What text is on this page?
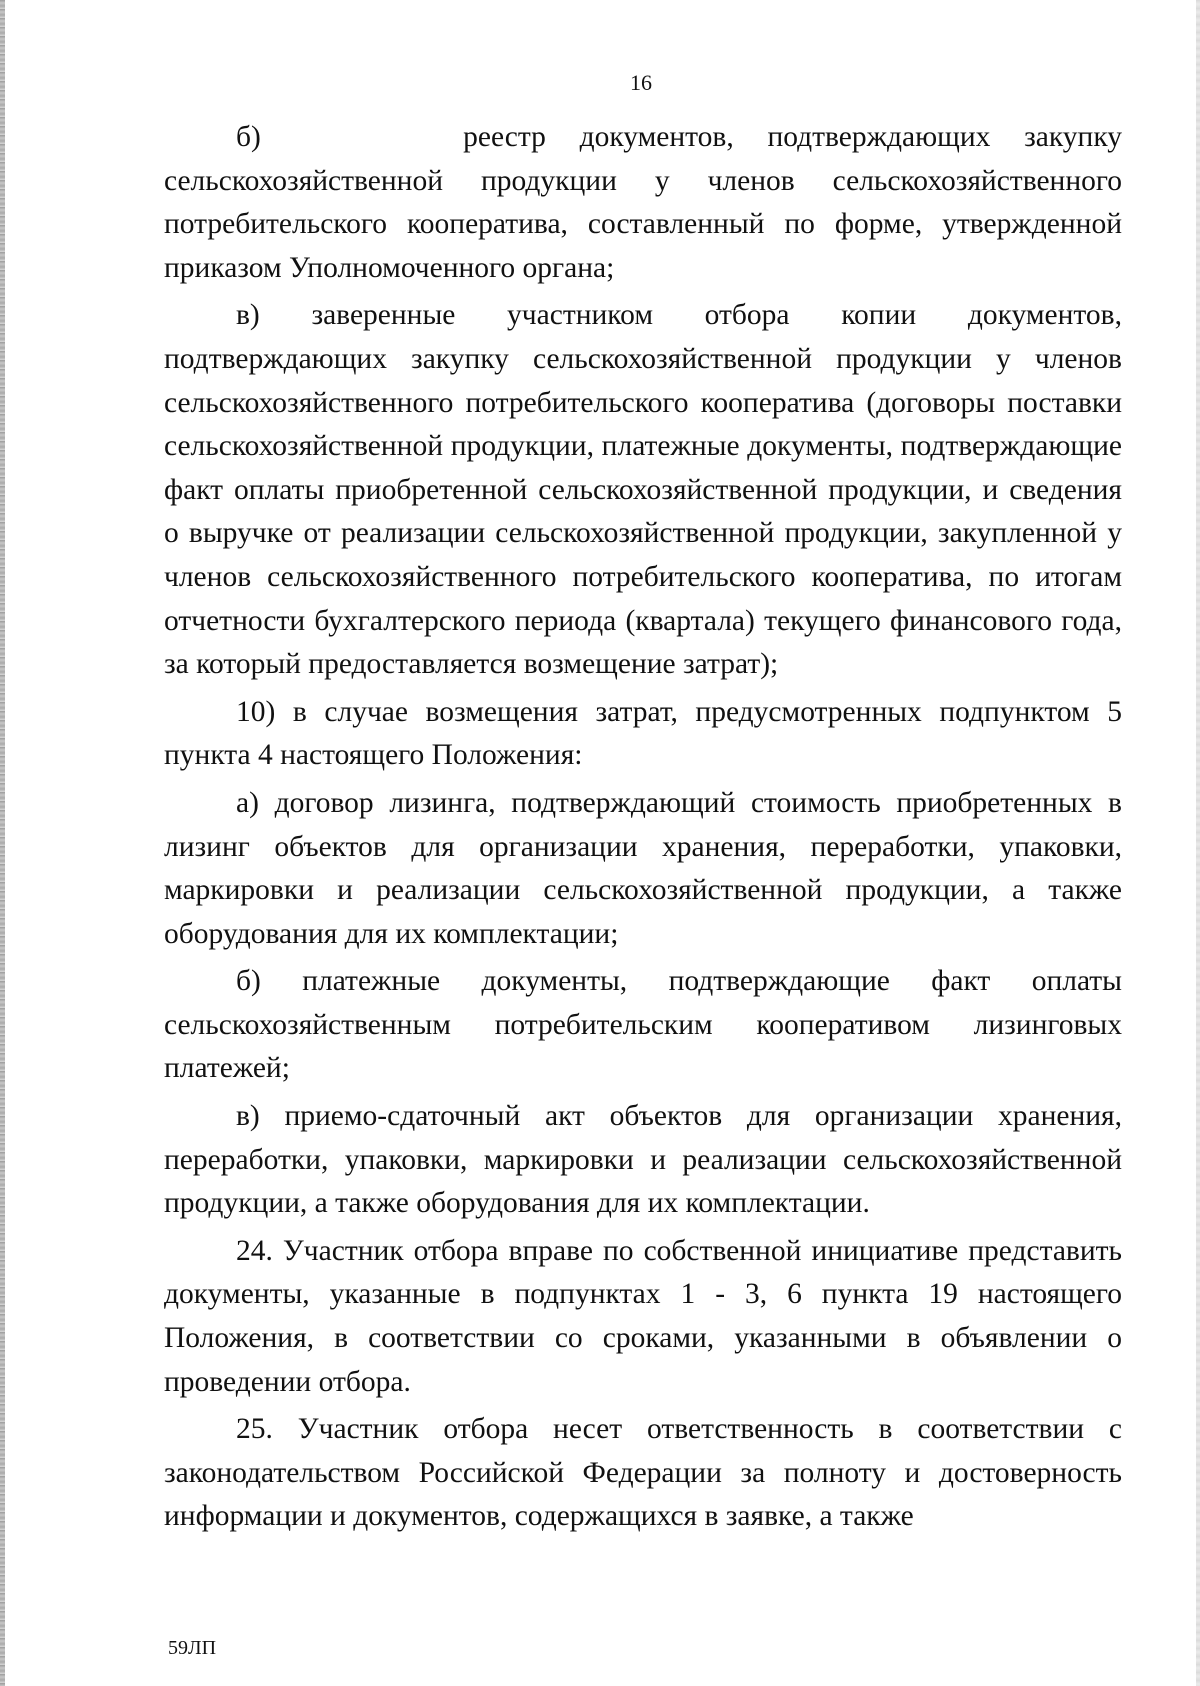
16

б)      реестр документов, подтверждающих закупку сельскохозяйственной продукции у членов сельскохозяйственного потребительского кооператива, составленный по форме, утвержденной приказом Уполномоченного органа;

в) заверенные участником отбора копии документов, подтверждающих закупку сельскохозяйственной продукции у членов сельскохозяйственного потребительского кооператива (договоры поставки сельскохозяйственной продукции, платежные документы, подтверждающие факт оплаты приобретенной сельскохозяйственной продукции, и сведения о выручке от реализации сельскохозяйственной продукции, закупленной у членов сельскохозяйственного потребительского кооператива, по итогам отчетности бухгалтерского периода (квартала) текущего финансового года, за который предоставляется возмещение затрат);

10) в случае возмещения затрат, предусмотренных подпунктом 5 пункта 4 настоящего Положения:

а) договор лизинга, подтверждающий стоимость приобретенных в лизинг объектов для организации хранения, переработки, упаковки, маркировки и реализации сельскохозяйственной продукции, а также оборудования для их комплектации;

б) платежные документы, подтверждающие факт оплаты сельскохозяйственным потребительским кооперативом лизинговых платежей;

в) приемо-сдаточный акт объектов для организации хранения, переработки, упаковки, маркировки и реализации сельскохозяйственной продукции, а также оборудования для их комплектации.

24. Участник отбора вправе по собственной инициативе представить документы, указанные в подпунктах 1 - 3, 6 пункта 19 настоящего Положения, в соответствии со сроками, указанными в объявлении о проведении отбора.

25. Участник отбора несет ответственность в соответствии с законодательством Российской Федерации за полноту и достоверность информации и документов, содержащихся в заявке, а также

59ЛП
